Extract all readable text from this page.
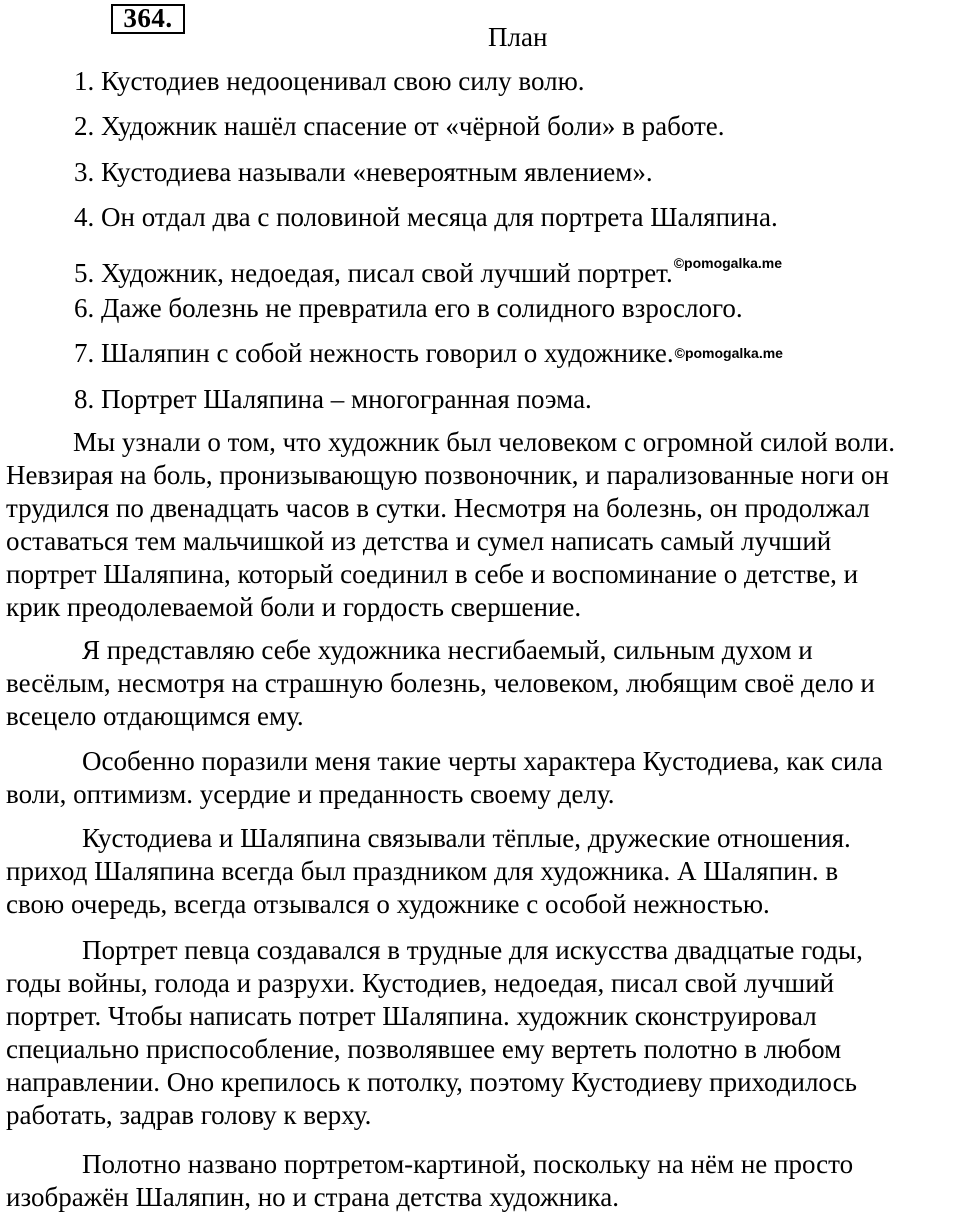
364.
План
1. Кустодиев недооценивал свою силу волю.
2. Художник нашёл спасение от «чёрной боли» в работе.
3. Кустодиева называли «невероятным явлением».
4. Он отдал два с половиной месяца для портрета Шаляпина.
5. Художник, недоедая, писал свой лучший портрет.$^{©pomogalka.me}$
6. Даже болезнь не превратила его в солидного взрослого.
7. Шаляпин с собой нежность говорил о художнике.©pomogalka.me
8. Портрет Шаляпина – многогранная поэма.

Мы узнали о том, что художник был человеком с огромной силой воли.
Невзирая на боль, пронизывающую позвоночник, и парализованные ноги он
трудился по двенадцать часов в сутки. Несмотря на болезнь, он продолжал
оставаться тем мальчишкой из детства и сумел написать самый лучший
портрет Шаляпина, который соединил в себе и воспоминание о детстве, и
крик преодолеваемой боли и гордость свершение.

Я представляю себе художника несгибаемый, сильным духом и
весёлым, несмотря на страшную болезнь, человеком, любящим своё дело и
всецело отдающимся ему.

Особенно поразили меня такие черты характера Кустодиева, как сила
воли, оптимизм. усердие и преданность своему делу.

Кустодиева и Шаляпина связывали тёплые, дружеские отношения.
приход Шаляпина всегда был праздником для художника. А Шаляпин. в
свою очередь, всегда отзывался о художнике с особой нежностью.

Портрет певца создавался в трудные для искусства двадцатые годы,
годы войны, голода и разрухи. Кустодиев, недоедая, писал свой лучший
портрет. Чтобы написать потрет Шаляпина. художник сконструировал
специально приспособление, позволявшее ему вертеть полотно в любом
направлении. Оно крепилось к потолку, поэтому Кустодиеву приходилось
работать, задрав голову к верху.

Полотно названо портретом-картиной, поскольку на нём не просто
изображён Шаляпин, но и страна детства художника.
